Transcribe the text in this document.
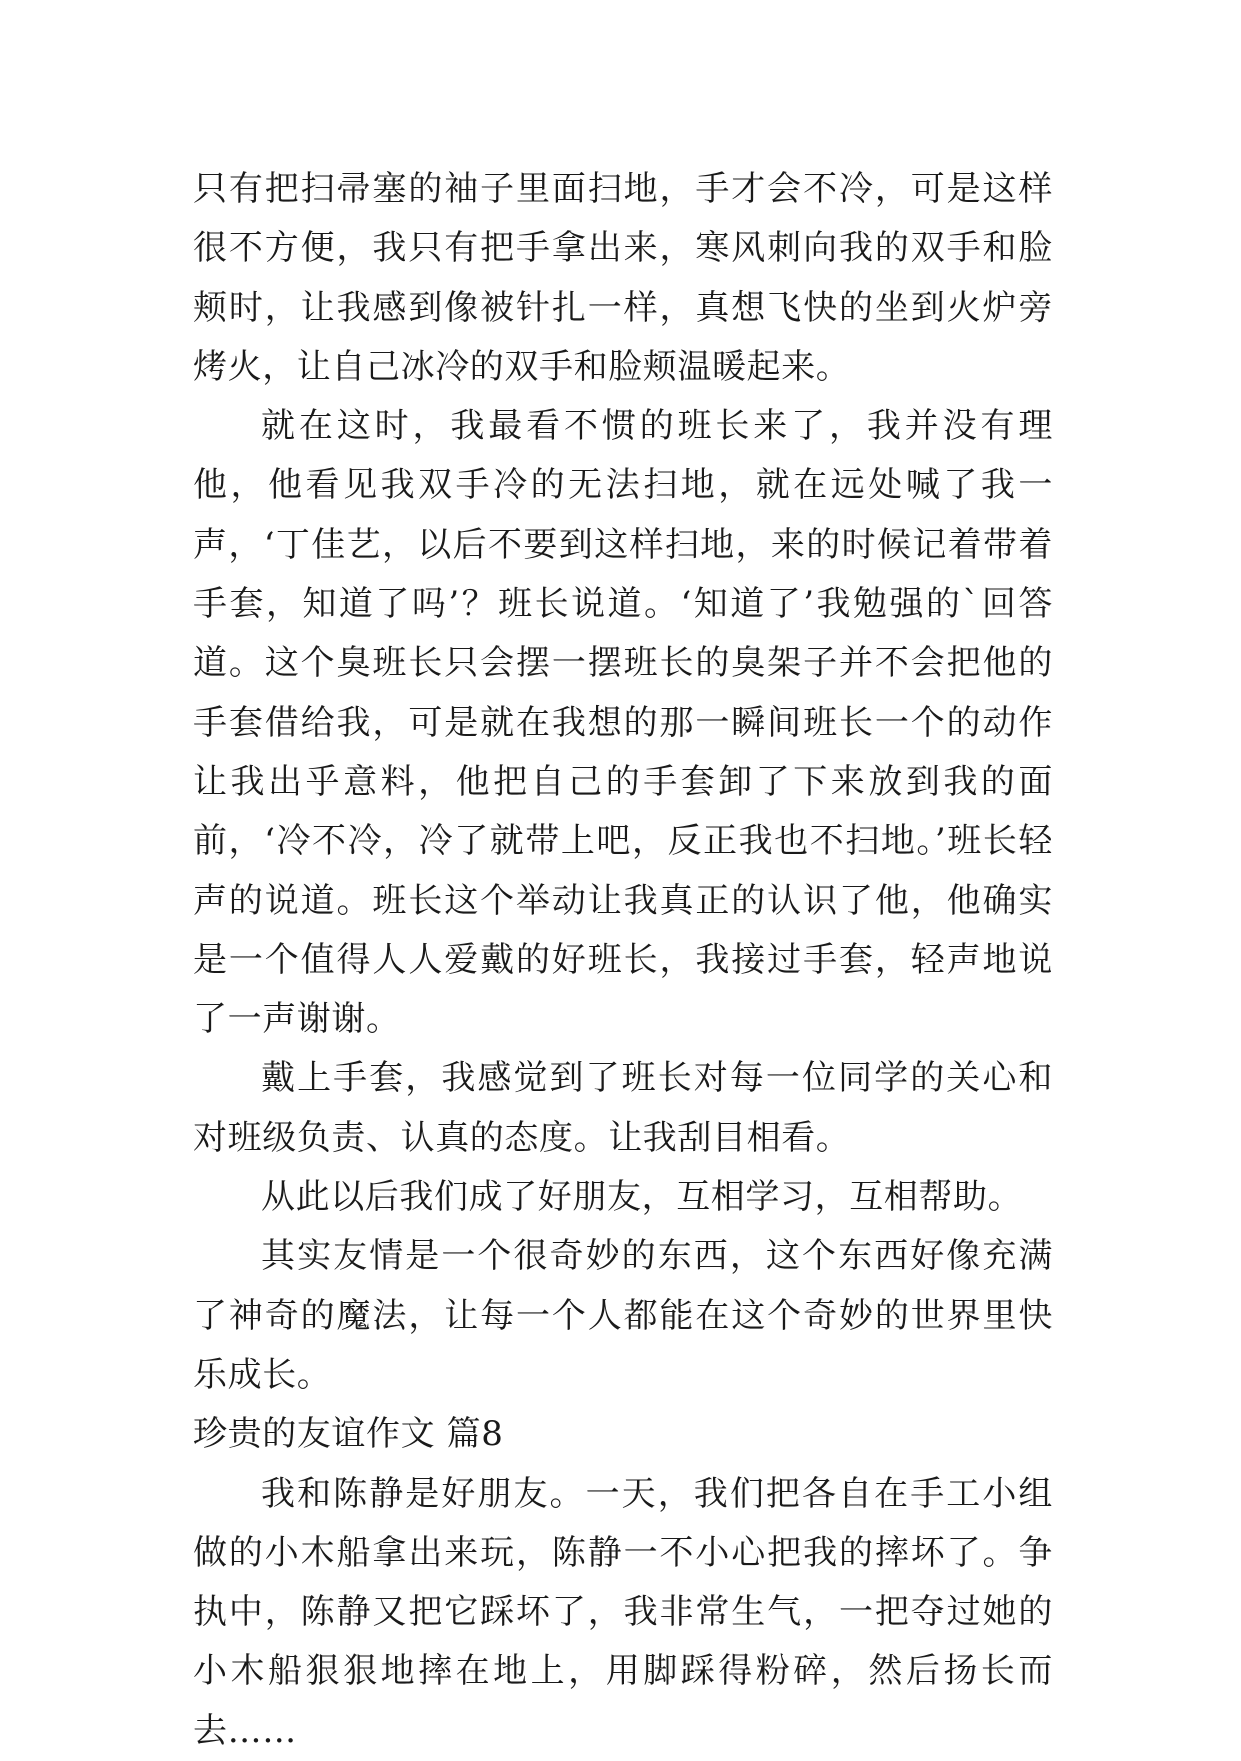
只有把扫帚塞的袖子里面扫地，手才会不冷，可是这样很不方便，我只有把手拿出来，寒风刺向我的双手和脸颊时，让我感到像被针扎一样，真想飞快的坐到火炉旁烤火，让自己冰冷的双手和脸颊温暖起来。

就在这时，我最看不惯的班长来了，我并没有理他，他看见我双手冷的无法扫地，就在远处喊了我一声，‘丁佳艺，以后不要到这样扫地，来的时候记着带着手套，知道了吗’？班长说道。‘知道了’我勉强的`回答道。这个臭班长只会摆一摆班长的臭架子并不会把他的手套借给我，可是就在我想的那一瞬间班长一个的动作让我出乎意料，他把自己的手套卸了下来放到我的面前，‘冷不冷，冷了就带上吧，反正我也不扫地。’班长轻声的说道。班长这个举动让我真正的认识了他，他确实是一个值得人人爱戴的好班长，我接过手套，轻声地说了一声谢谢。

戴上手套，我感觉到了班长对每一位同学的关心和对班级负责、认真的态度。让我刮目相看。

从此以后我们成了好朋友，互相学习，互相帮助。

其实友情是一个很奇妙的东西，这个东西好像充满了神奇的魔法，让每一个人都能在这个奇妙的世界里快乐成长。

珍贵的友谊作文 篇8

我和陈静是好朋友。一天，我们把各自在手工小组做的小木船拿出来玩，陈静一不小心把我的摔坏了。争执中，陈静又把它踩坏了，我非常生气，一把夺过她的小木船狠狠地摔在地上，用脚踩得粉碎，然后扬长而去……
